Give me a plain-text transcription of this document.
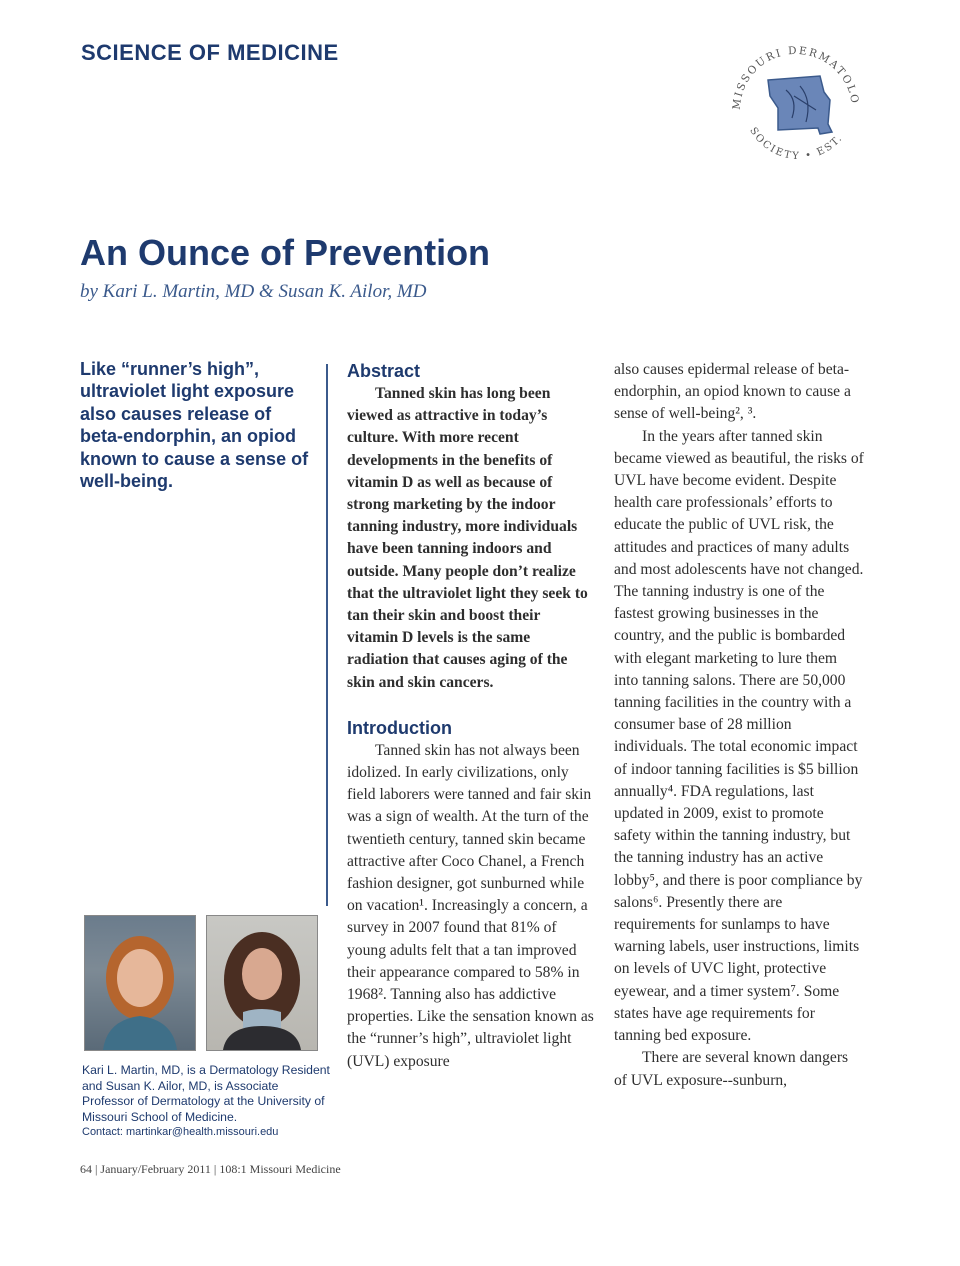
SCIENCE OF MEDICINE
MISSOURI DERMATOLO
SOCIETY • EST.
An Ounce of Prevention
by Kari L. Martin, MD & Susan K. Ailor, MD
Like “runner’s high”, ultraviolet light exposure also causes release of beta-endorphin, an opiod known to cause a sense of well-being.
Kari L. Martin, MD, is a Dermatology Resident and Susan K. Ailor, MD, is Associate Professor of Dermatology at the University of Missouri School of Medicine.
Contact: martinkar@health.missouri.edu
Abstract

Tanned skin has long been viewed as attractive in today’s culture. With more recent developments in the benefits of vitamin D as well as because of strong marketing by the indoor tanning industry, more individuals have been tanning indoors and outside. Many people don’t realize that the ultraviolet light they seek to tan their skin and boost their vitamin D levels is the same radiation that causes aging of the skin and skin cancers.

Introduction

Tanned skin has not always been idolized. In early civilizations, only field laborers were tanned and fair skin was a sign of wealth. At the turn of the twentieth century, tanned skin became attractive after Coco Chanel, a French fashion designer, got sunburned while on vacation¹. Increasingly a concern, a survey in 2007 found that 81% of young adults felt that a tan improved their appearance compared to 58% in 1968². Tanning also has addictive properties. Like the sensation known as the “runner’s high”, ultraviolet light (UVL) exposure

also causes epidermal release of beta-endorphin, an opiod known to cause a sense of well-being², ³.

In the years after tanned skin became viewed as beautiful, the risks of UVL have become evident. Despite health care professionals’ efforts to educate the public of UVL risk, the attitudes and practices of many adults and most adolescents have not changed. The tanning industry is one of the fastest growing businesses in the country, and the public is bombarded with elegant marketing to lure them into tanning salons. There are 50,000 tanning facilities in the country with a consumer base of 28 million individuals. The total economic impact of indoor tanning facilities is $5 billion annually⁴. FDA regulations, last updated in 2009, exist to promote safety within the tanning industry, but the tanning industry has an active lobby⁵, and there is poor compliance by salons⁶. Presently there are requirements for sunlamps to have warning labels, user instructions, limits on levels of UVC light, protective eyewear, and a timer system⁷. Some states have age requirements for tanning bed exposure.

There are several known dangers of UVL exposure--sunburn,

64 | January/February 2011 | 108:1 Missouri Medicine
